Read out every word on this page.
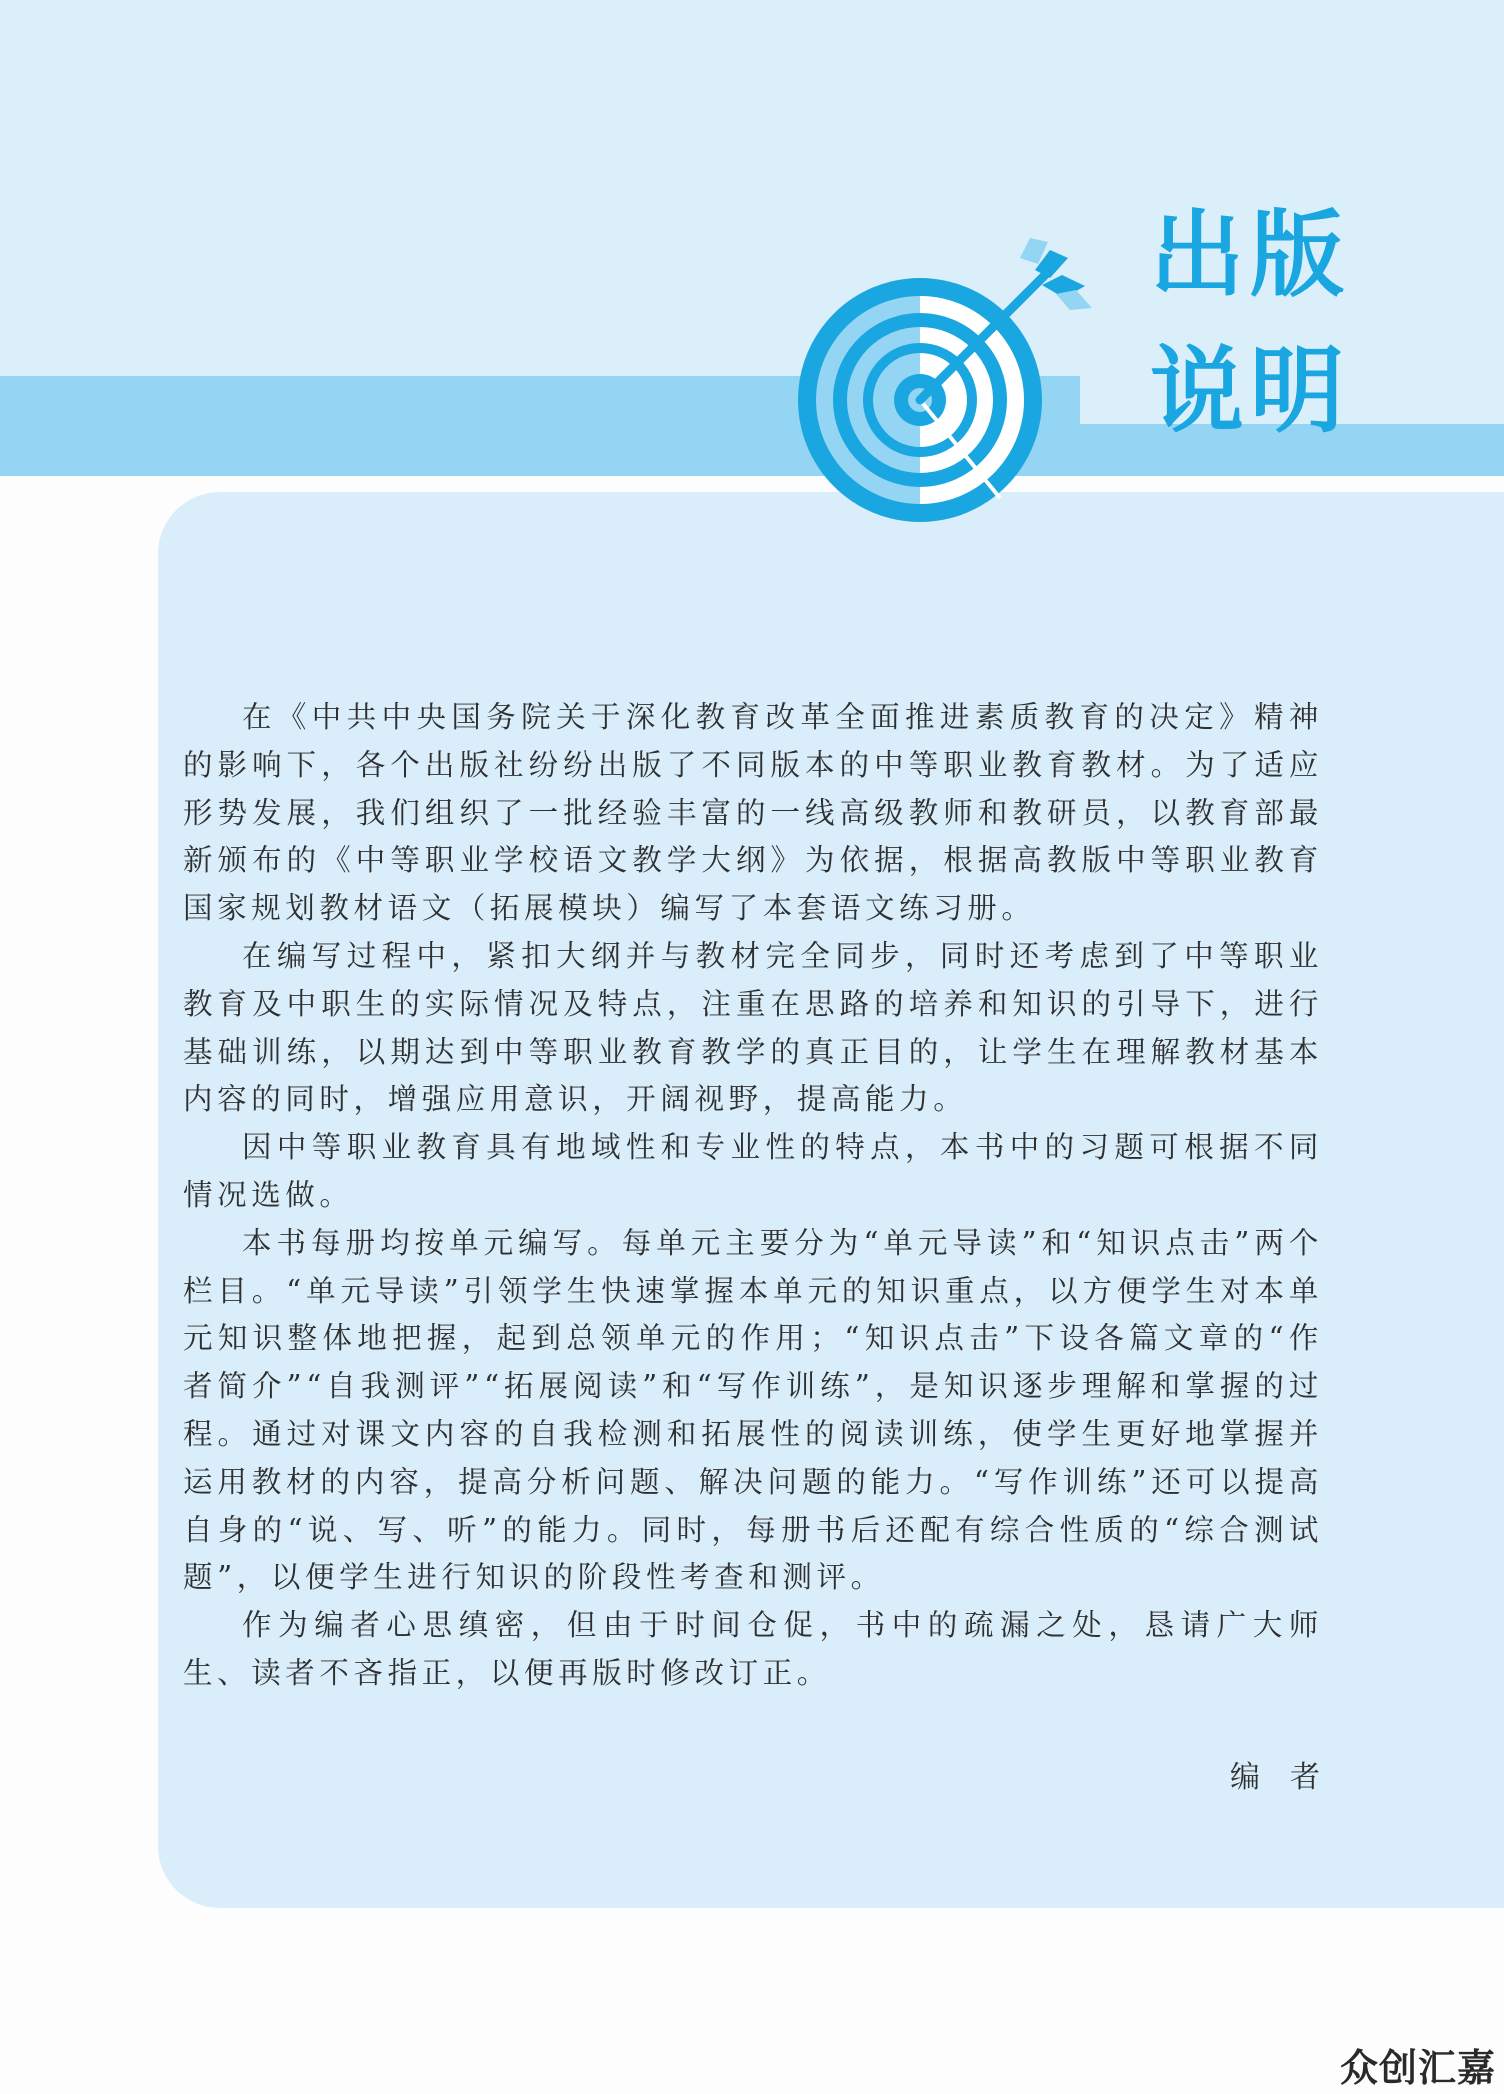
出版说明

在《中共中央国务院关于深化教育改革全面推进素质教育的决定》精神的影响下，各个出版社纷纷出版了不同版本的中等职业教育教材。为了适应形势发展，我们组织了一批经验丰富的一线高级教师和教研员，以教育部最新颁布的《中等职业学校语文教学大纲》为依据，根据高教版中等职业教育国家规划教材语文（拓展模块）编写了本套语文练习册。

在编写过程中，紧扣大纲并与教材完全同步，同时还考虑到了中等职业教育及中职生的实际情况及特点，注重在思路的培养和知识的引导下，进行基础训练，以期达到中等职业教育教学的真正目的，让学生在理解教材基本内容的同时，增强应用意识，开阔视野，提高能力。

因中等职业教育具有地域性和专业性的特点，本书中的习题可根据不同情况选做。

本书每册均按单元编写。每单元主要分为“单元导读”和“知识点击”两个栏目。“单元导读”引领学生快速掌握本单元的知识重点，以方便学生对本单元知识整体地把握，起到总领单元的作用；“知识点击”下设各篇文章的“作者简介”“自我测评”“拓展阅读”和“写作训练”，是知识逐步理解和掌握的过程。通过对课文内容的自我检测和拓展性的阅读训练，使学生更好地掌握并运用教材的内容，提高分析问题、解决问题的能力。“写作训练”还可以提高自身的“说、写、听”的能力。同时，每册书后还配有综合性质的“综合测试题”，以便学生进行知识的阶段性考查和测评。

作为编者心思缜密，但由于时间仓促，书中的疏漏之处，恳请广大师生、读者不吝指正，以便再版时修改订正。

编者
众创汇嘉
